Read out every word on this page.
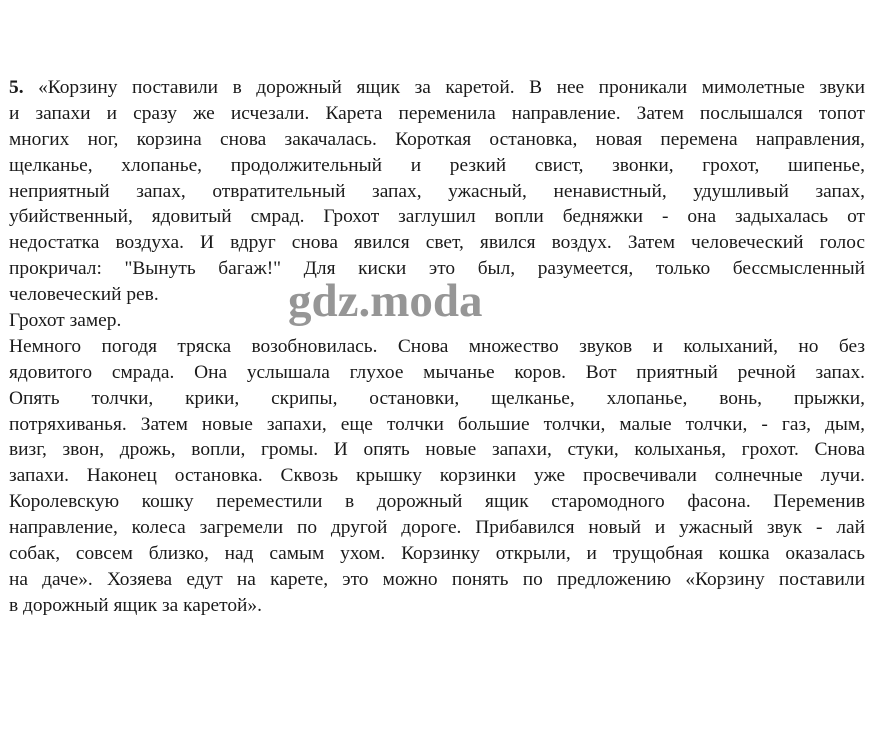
5. «Корзину поставили в дорожный ящик за каретой. В нее проникали мимолетные звуки
и запахи и сразу же исчезали. Карета переменила направление. Затем послышался топот
многих ног, корзина снова закачалась. Короткая остановка, новая перемена направления,
щелканье, хлопанье, продолжительный и резкий свист, звонки, грохот, шипенье,
неприятный запах, отвратительный запах, ужасный, ненавистный, удушливый запах,
убийственный, ядовитый смрад. Грохот заглушил вопли бедняжки - она задыхалась от
недостатка воздуха. И вдруг снова явился свет, явился воздух. Затем человеческий голос
прокричал: "Вынуть багаж!" Для киски это был, разумеется, только бессмысленный
человеческий рев.
Грохот замер.
Немного погодя тряска возобновилась. Снова множество звуков и колыханий, но без
ядовитого смрада. Она услышала глухое мычанье коров. Вот приятный речной запах.
Опять толчки, крики, скрипы, остановки, щелканье, хлопанье, вонь, прыжки,
потряхиванья. Затем новые запахи, еще толчки большие толчки, малые толчки, - газ, дым,
визг, звон, дрожь, вопли, громы. И опять новые запахи, стуки, колыханья, грохот. Снова
запахи. Наконец остановка. Сквозь крышку корзинки уже просвечивали солнечные лучи.
Королевскую кошку переместили в дорожный ящик старомодного фасона. Переменив
направление, колеса загремели по другой дороге. Прибавился новый и ужасный звук - лай
собак, совсем близко, над самым ухом. Корзинку открыли, и трущобная кошка оказалась
на даче». Хозяева едут на карете, это можно понять по предложению «Корзину поставили
в дорожный ящик за каретой».
gdz.moda
